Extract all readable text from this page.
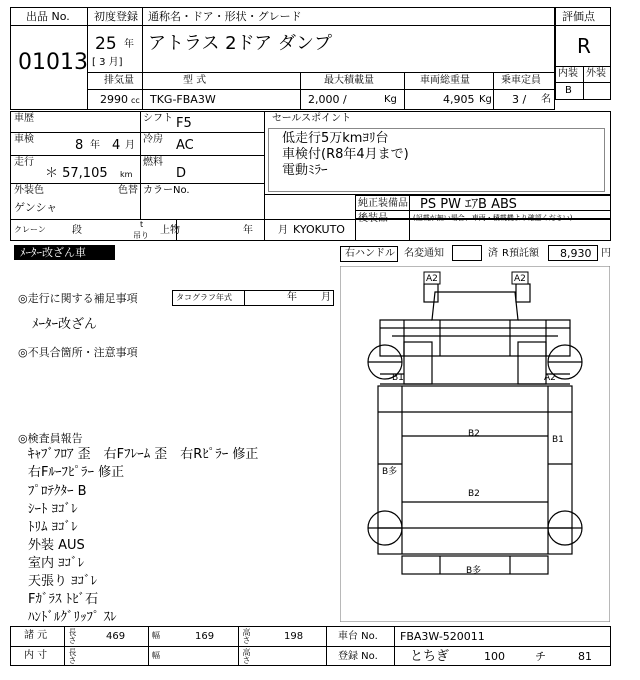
出品 No.
01013
初度登録 通称名・ドア・形状・グレード
25 年
[ 3 月]
アトラス 2ドア ダンプ
排気量	型 式	最大積載量	車両総重量	乗車定員
2990 cc TKG-FBA3W	2,000 /	Kg	4,905 Kg 3 / 名
評価点
R
内装 外装
B
車歴	シフト F5
車検	8 年 4 月
冷房 AC
走行
＊ 57,105 km
燃料
D
外装色
ゲンシャ
色替 カラーNo.
クレーン	段
t
吊り 上物	年	月 KYOKUTO
セールスポイント
低走行5万kmﾖﾘ台
車検付(R8年4月まで)
電動ﾐﾗｰ
純正装備品 PS PW ｴｱB ABS
後装品	(記載が無い場合、車両・積載機より確認ください)
ﾒｰﾀｰ改ざん車	右ハンドル 名変通知	済 R預託額 8,930 円
◎走行に関する補足事項	タコグラフ年式	年 月
ﾒｰﾀｰ改ざん
◎不具合箇所・注意事項
◎検査員報告
ｷｬﾌﾞﾌﾛｱ 歪　右Fﾌﾚｰﾑ 歪　右Rﾋﾟﾗｰ 修正
右Fﾙｰﾌﾋﾟﾗｰ 修正
ﾌﾟﾛﾃｸﾀｰ B
ｼｰﾄ ﾖｺﾞﾚ
ﾄﾘﾑ ﾖｺﾞﾚ
外装 AUS
室内 ﾖｺﾞﾚ
天張り ﾖｺﾞﾚ
Fｶﾞﾗｽ ﾄﾋﾞ石
ﾊﾝﾄﾞﾙｸﾞﾘｯﾌﾟ ｽﾚ
A2	A2
B1	A2
B2
B1
B多
B2
B多
諸 元	長さ	469	幅	169	高さ	198	車台 No. FBA3W-520011
内 寸	長さ	幅	高さ	登録 No. とちぎ	100	チ	81
